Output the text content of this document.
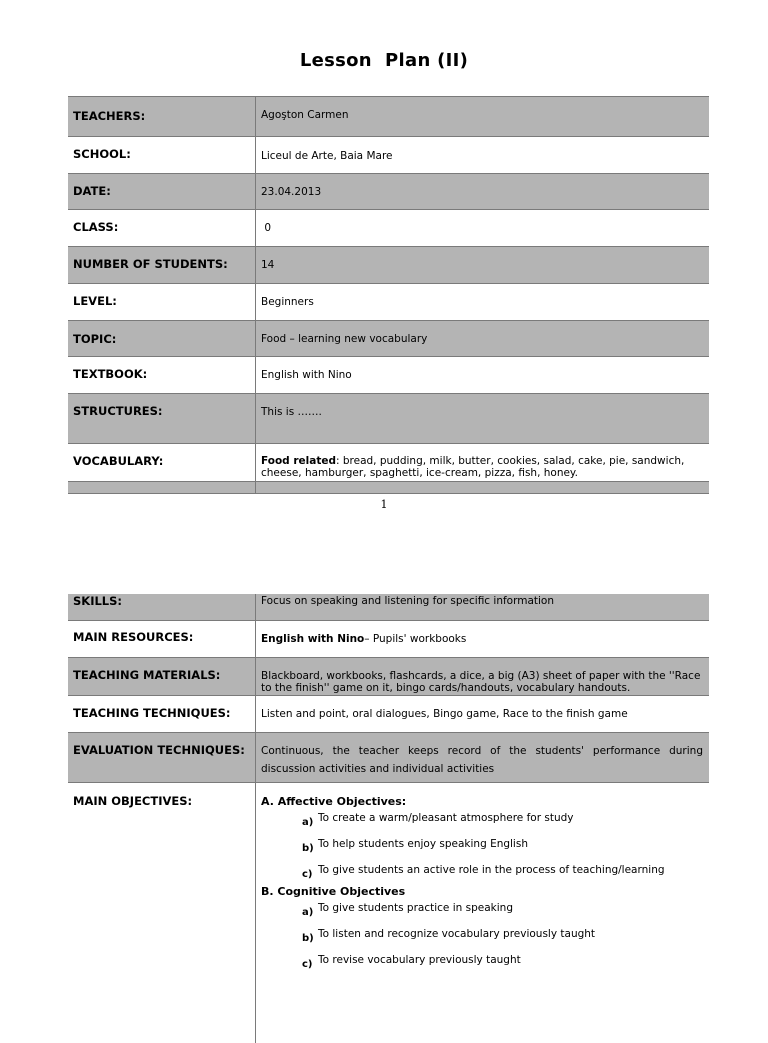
Lesson  Plan (II)
TEACHERS:	Agoşton Carmen
SCHOOL:	Liceul de Arte, Baia Mare
DATE:	23.04.2013
CLASS:	0
NUMBER OF STUDENTS:	14
LEVEL:	Beginners
TOPIC:	Food – learning new vocabulary
TEXTBOOK:	English with Nino
STRUCTURES:	This is …….
VOCABULARY:	Food related: bread, pudding, milk, butter, cookies, salad, cake, pie, sandwich, cheese, hamburger, spaghetti, ice-cream, pizza, fish, honey.
1
SKILLS:	Focus on speaking and listening for specific information
MAIN RESOURCES:	English with Nino– Pupils' workbooks
TEACHING MATERIALS:	Blackboard, workbooks, flashcards, a dice, a big (A3) sheet of paper with the ''Race to the finish'' game on it, bingo cards/handouts, vocabulary handouts.
TEACHING TECHNIQUES:	Listen and point, oral dialogues, Bingo game, Race to the finish game
EVALUATION TECHNIQUES:	Continuous, the teacher keeps record of the students' performance during discussion activities and individual activities
MAIN OBJECTIVES:	A. Affective Objectives:
a) To create a warm/pleasant atmosphere for study
b) To help students enjoy speaking English
c) To give students an active role in the process of teaching/learning
B. Cognitive Objectives
a) To give students practice in speaking
b) To listen and recognize vocabulary previously taught
c) To revise vocabulary previously taught
